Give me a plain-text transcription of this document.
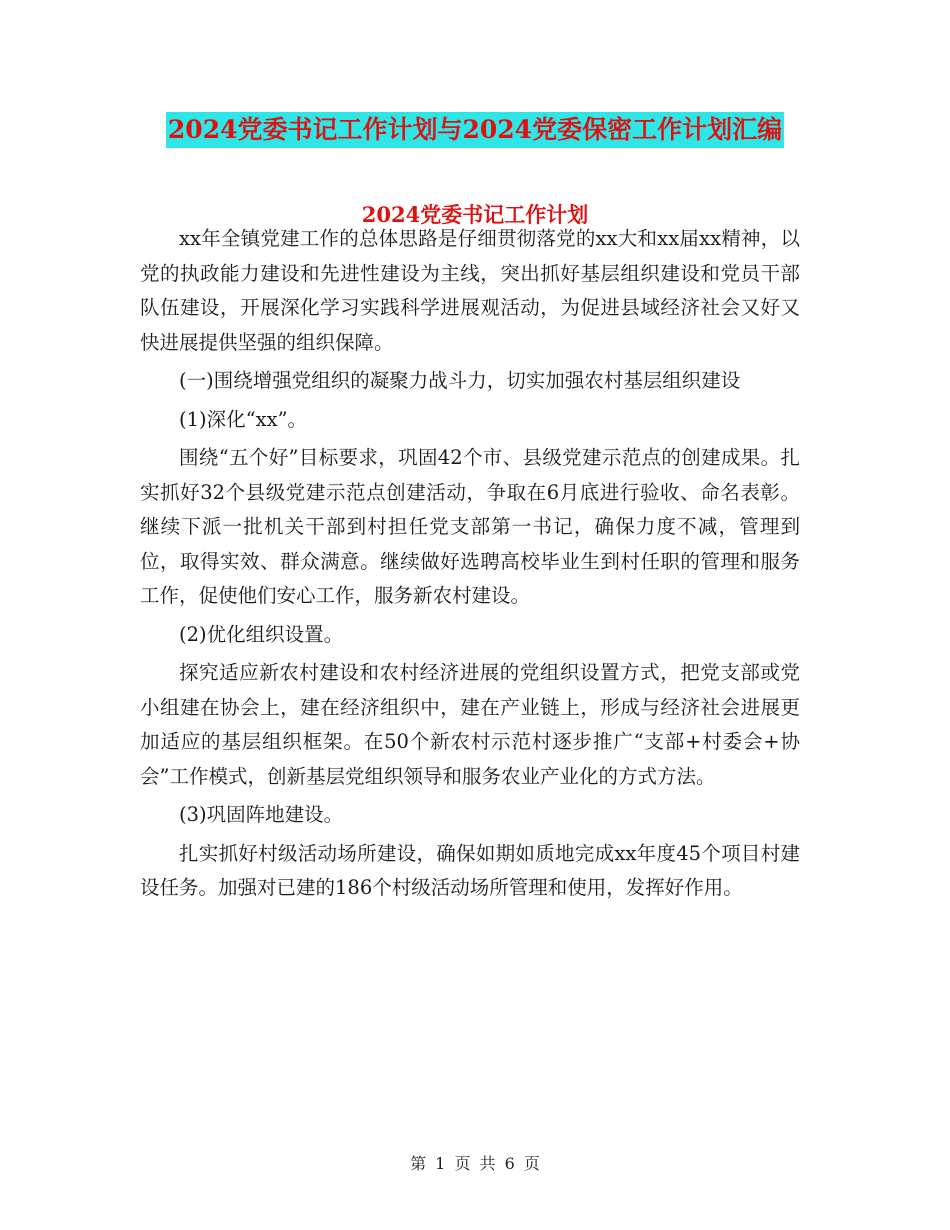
2024党委书记工作计划与2024党委保密工作计划汇编
2024党委书记工作计划

xx年全镇党建工作的总体思路是仔细贯彻落党的xx大和xx届xx精神，以党的执政能力建设和先进性建设为主线，突出抓好基层组织建设和党员干部队伍建设，开展深化学习实践科学进展观活动，为促进县域经济社会又好又快进展提供坚强的组织保障。

(一)围绕增强党组织的凝聚力战斗力，切实加强农村基层组织建设

(1)深化“xx”。

围绕“五个好”目标要求，巩固42个市、县级党建示范点的创建成果。扎实抓好32个县级党建示范点创建活动，争取在6月底进行验收、命名表彰。继续下派一批机关干部到村担任党支部第一书记，确保力度不减，管理到位，取得实效、群众满意。继续做好选聘高校毕业生到村任职的管理和服务工作，促使他们安心工作，服务新农村建设。

(2)优化组织设置。

探究适应新农村建设和农村经济进展的党组织设置方式，把党支部或党小组建在协会上，建在经济组织中，建在产业链上，形成与经济社会进展更加适应的基层组织框架。在50个新农村示范村逐步推广“支部+村委会+协会”工作模式，创新基层党组织领导和服务农业产业化的方式方法。

(3)巩固阵地建设。

扎实抓好村级活动场所建设，确保如期如质地完成xx年度45个项目村建设任务。加强对已建的186个村级活动场所管理和使用，发挥好作用。

第 1 页 共 6 页
